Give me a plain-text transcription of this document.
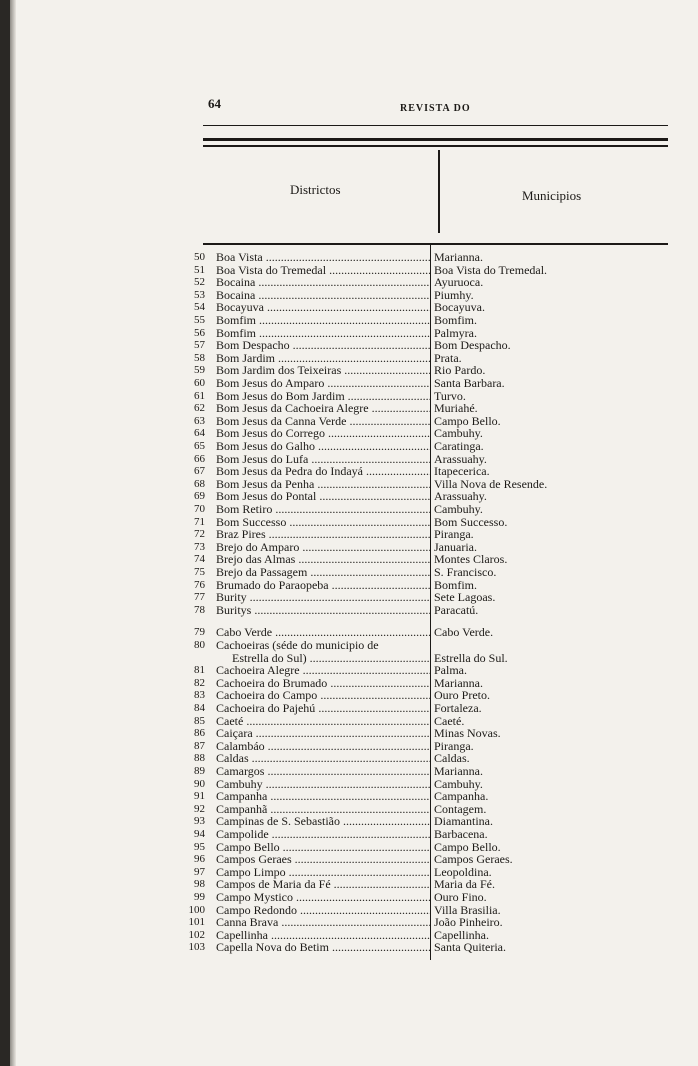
64	REVISTA DO
Districtos	Municipios
50 Boa Vista .....	Marianna.
51 Boa Vista do Tremedal .....	Boa Vista do Tremedal.
52 Bocaina .....	Ayuruoca.
53 Bocaina .....	Piumhy.
54 Bocayuva .....	Bocayuva.
55 Bomfim .....	Bomfim.
56 Bomfim .....	Palmyra.
57 Bom Despacho .....	Bom Despacho.
58 Bom Jardim .....	Prata.
59 Bom Jardim dos Teixeiras .....	Rio Pardo.
60 Bom Jesus do Amparo .....	Santa Barbara.
61 Bom Jesus do Bom Jardim .....	Turvo.
62 Bom Jesus da Cachoeira Alegre .....	Muriahé.
63 Bom Jesus da Canna Verde .....	Campo Bello.
64 Bom Jesus do Corrego .....	Cambuhy.
65 Bom Jesus do Galho .....	Caratinga.
66 Bom Jesus do Lufa .....	Arassuahy.
67 Bom Jesus da Pedra do Indayá .....	Itapecerica.
68 Bom Jesus da Penha .....	Villa Nova de Resende.
69 Bom Jesus do Pontal .....	Arassuahy.
70 Bom Retiro .....	Cambuhy.
71 Bom Successo .....	Bom Successo.
72 Braz Pires .....	Piranga.
73 Brejo do Amparo .....	Januaria.
74 Brejo das Almas .....	Montes Claros.
75 Brejo da Passagem .....	S. Francisco.
76 Brumado do Paraopeba .....	Bomfim.
77 Burity .....	Sete Lagoas.
78 Buritys .....	Paracatú.
79 Cabo Verde .....	Cabo Verde.
80 Cachoeiras (séde do municipio de
Estrella do Sul) .....	Estrella do Sul.
81 Cachoeira Alegre .....	Palma.
82 Cachoeira do Brumado .....	Marianna.
83 Cachoeira do Campo .....	Ouro Preto.
84 Cachoeira do Pajehú .....	Fortaleza.
85 Caeté .....	Caeté.
86 Caiçara .....	Minas Novas.
87 Calambáo .....	Piranga.
88 Caldas .....	Caldas.
89 Camargos .....	Marianna.
90 Cambuhy .....	Cambuhy.
91 Campanha .....	Campanha.
92 Campanhã .....	Contagem.
93 Campinas de S. Sebastião .....	Diamantina.
94 Campolide .....	Barbacena.
95 Campo Bello .....	Campo Bello.
96 Campos Geraes .....	Campos Geraes.
97 Campo Limpo .....	Leopoldina.
98 Campos de Maria da Fé .....	Maria da Fé.
99 Campo Mystico .....	Ouro Fino.
100 Campo Redondo .....	Villa Brasilia.
101 Canna Brava .....	João Pinheiro.
102 Capellinha .....	Capellinha.
103 Capella Nova do Betim .....	Santa Quiteria.
